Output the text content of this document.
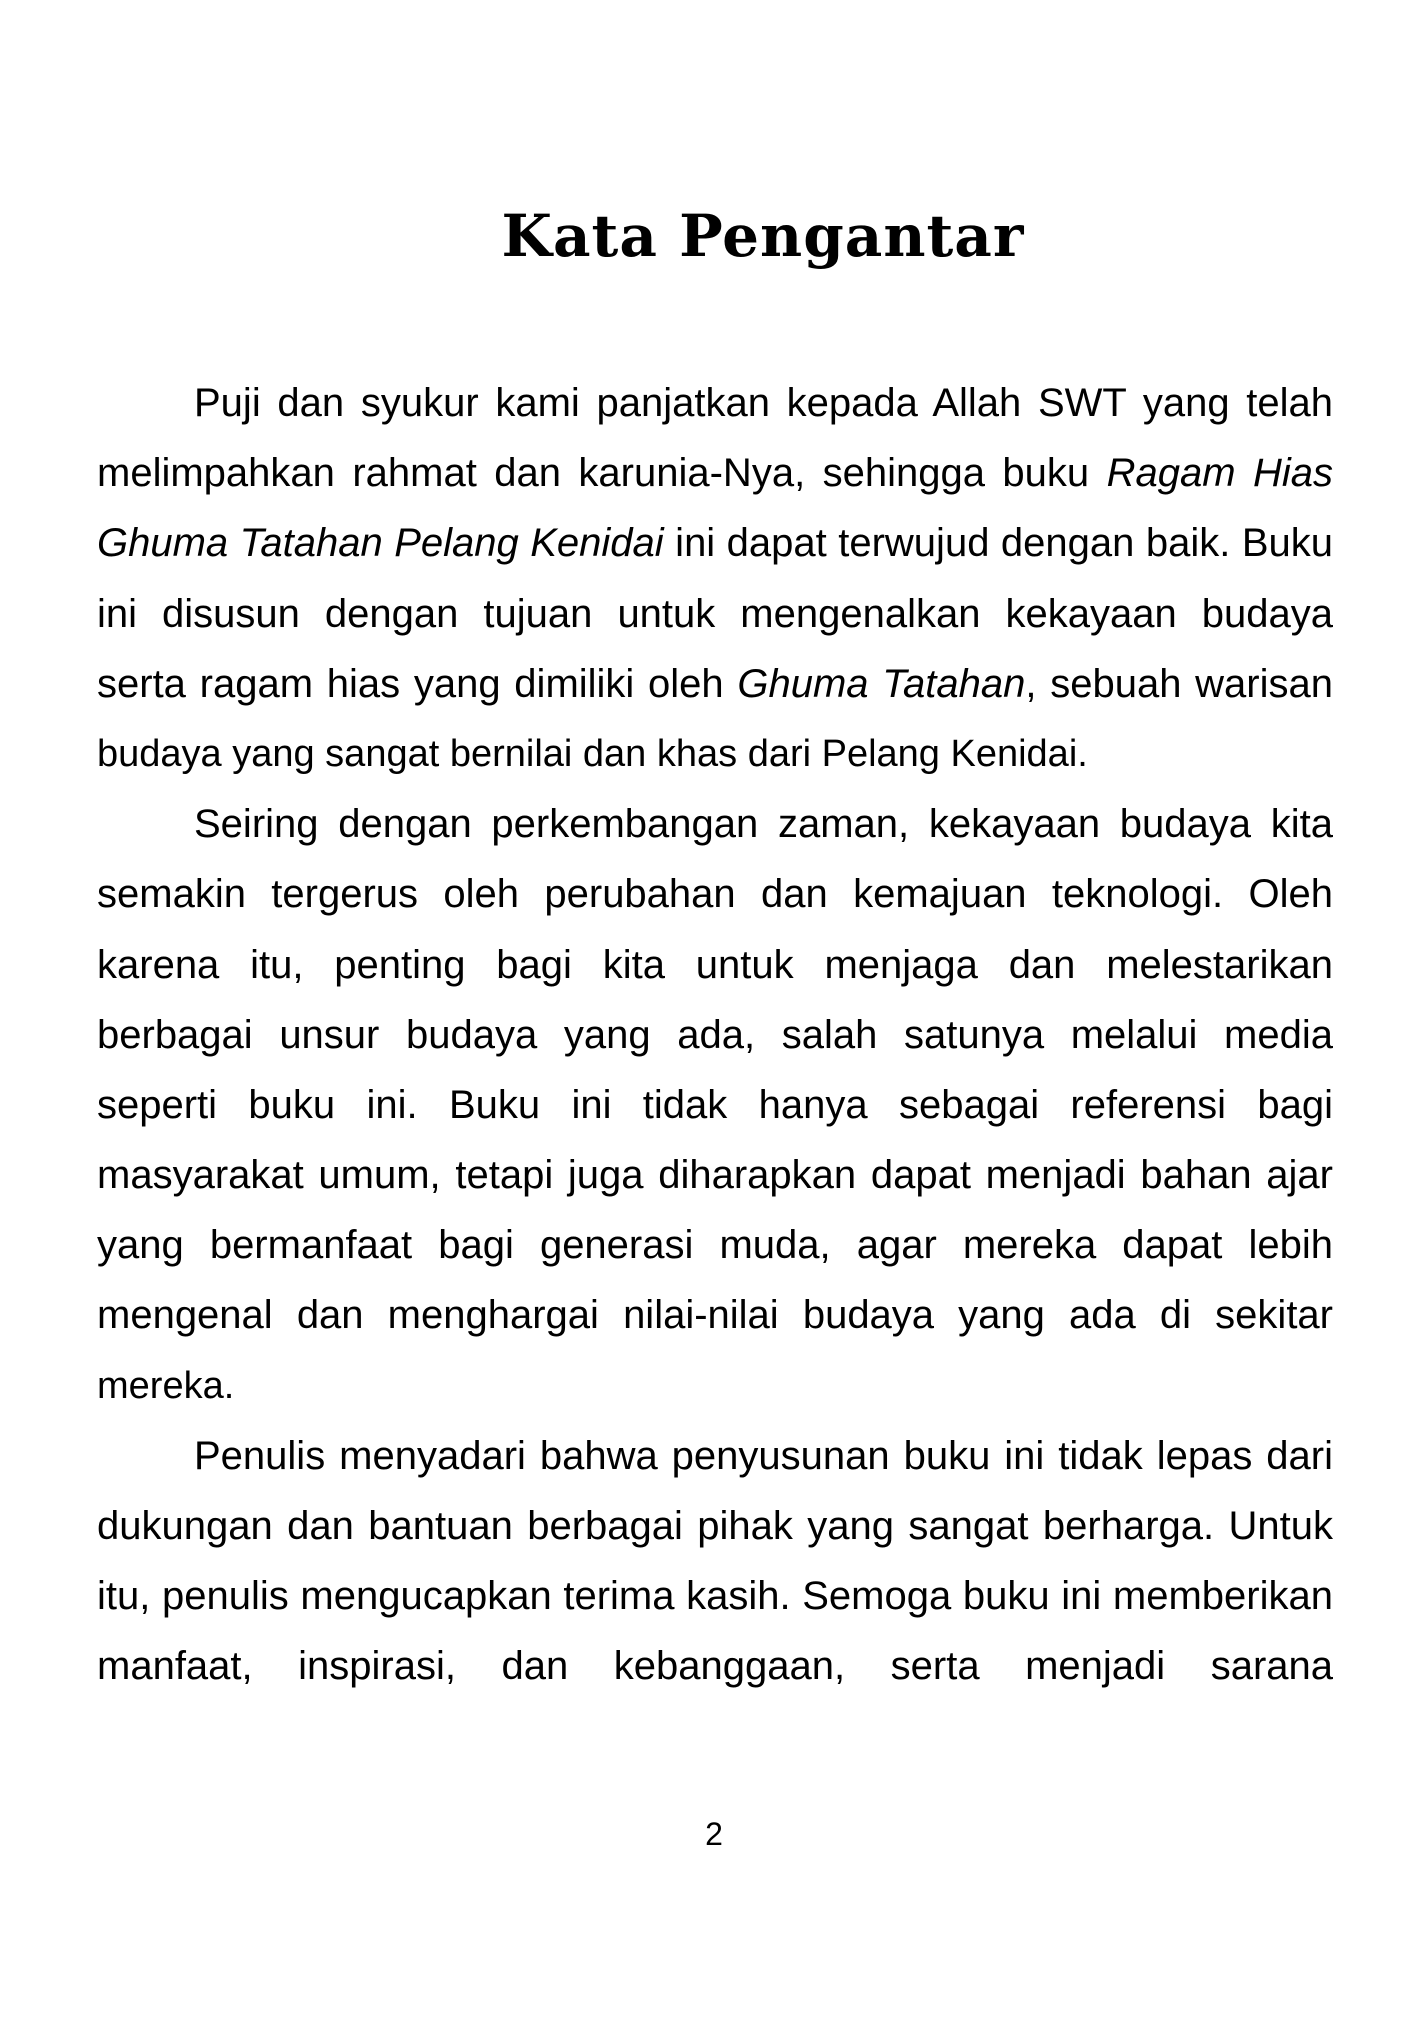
Kata Pengantar
Puji dan syukur kami panjatkan kepada Allah SWT yang telah
melimpahkan rahmat dan karunia-Nya, sehingga buku Ragam Hias
Ghuma Tatahan Pelang Kenidai ini dapat terwujud dengan baik. Buku
ini disusun dengan tujuan untuk mengenalkan kekayaan budaya
serta ragam hias yang dimiliki oleh Ghuma Tatahan, sebuah warisan
budaya yang sangat bernilai dan khas dari Pelang Kenidai.
Seiring dengan perkembangan zaman, kekayaan budaya kita
semakin tergerus oleh perubahan dan kemajuan teknologi. Oleh
karena itu, penting bagi kita untuk menjaga dan melestarikan
berbagai unsur budaya yang ada, salah satunya melalui media
seperti buku ini. Buku ini tidak hanya sebagai referensi bagi
masyarakat umum, tetapi juga diharapkan dapat menjadi bahan ajar
yang bermanfaat bagi generasi muda, agar mereka dapat lebih
mengenal dan menghargai nilai-nilai budaya yang ada di sekitar
mereka.
Penulis menyadari bahwa penyusunan buku ini tidak lepas dari
dukungan dan bantuan berbagai pihak yang sangat berharga. Untuk
itu, penulis mengucapkan terima kasih. Semoga buku ini memberikan
manfaat, inspirasi, dan kebanggaan, serta menjadi sarana
2
